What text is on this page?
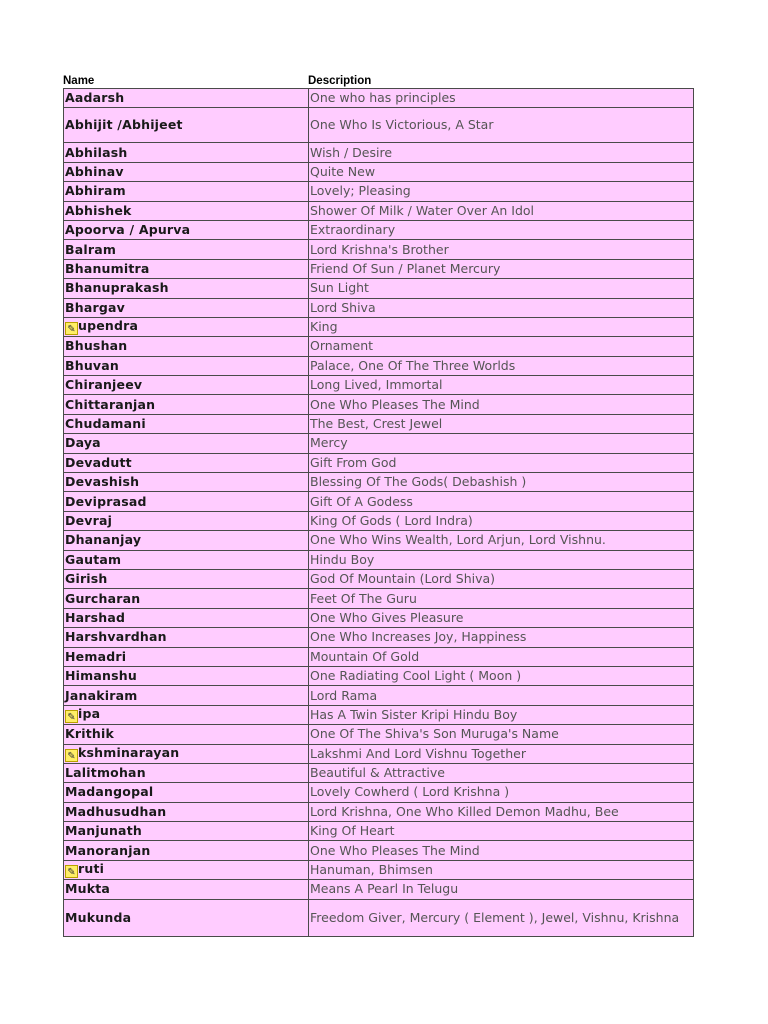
Name	Description
Aadarsh	One who has principles
Abhijit /Abhijeet	One Who Is Victorious, A Star
Abhilash	Wish / Desire
Abhinav	Quite New
Abhiram	Lovely; Pleasing
Abhishek	Shower Of Milk / Water Over An Idol
Apoorva / Apurva	Extraordinary
Balram	Lord Krishna's Brother
Bhanumitra	Friend Of Sun / Planet Mercury
Bhanuprakash	Sun Light
Bhargav	Lord Shiva
✎ upendra	King
Bhushan	Ornament
Bhuvan	Palace, One Of The Three Worlds
Chiranjeev	Long Lived, Immortal
Chittaranjan	One Who Pleases The Mind
Chudamani	The Best, Crest Jewel
Daya	Mercy
Devadutt	Gift From God
Devashish	Blessing Of The Gods( Debashish )
Deviprasad	Gift Of A Godess
Devraj	King Of Gods ( Lord Indra)
Dhananjay	One Who Wins Wealth, Lord Arjun, Lord Vishnu.
Gautam	Hindu Boy
Girish	God Of Mountain (Lord Shiva)
Gurcharan	Feet Of The Guru
Harshad	One Who Gives Pleasure
Harshvardhan	One Who Increases Joy, Happiness
Hemadri	Mountain Of Gold
Himanshu	One Radiating Cool Light ( Moon )
Janakiram	Lord Rama
✎ ipa	Has A Twin Sister Kripi Hindu Boy
Krithik	One Of The Shiva's Son Muruga's Name
✎ kshminarayan	Lakshmi And Lord Vishnu Together
Lalitmohan	Beautiful & Attractive
Madangopal	Lovely Cowherd ( Lord Krishna )
Madhusudhan	Lord Krishna, One Who Killed Demon Madhu, Bee
Manjunath	King Of Heart
Manoranjan	One Who Pleases The Mind
✎ ruti	Hanuman, Bhimsen
Mukta	Means A Pearl In Telugu
Mukunda	Freedom Giver, Mercury ( Element ), Jewel, Vishnu, Krishna
